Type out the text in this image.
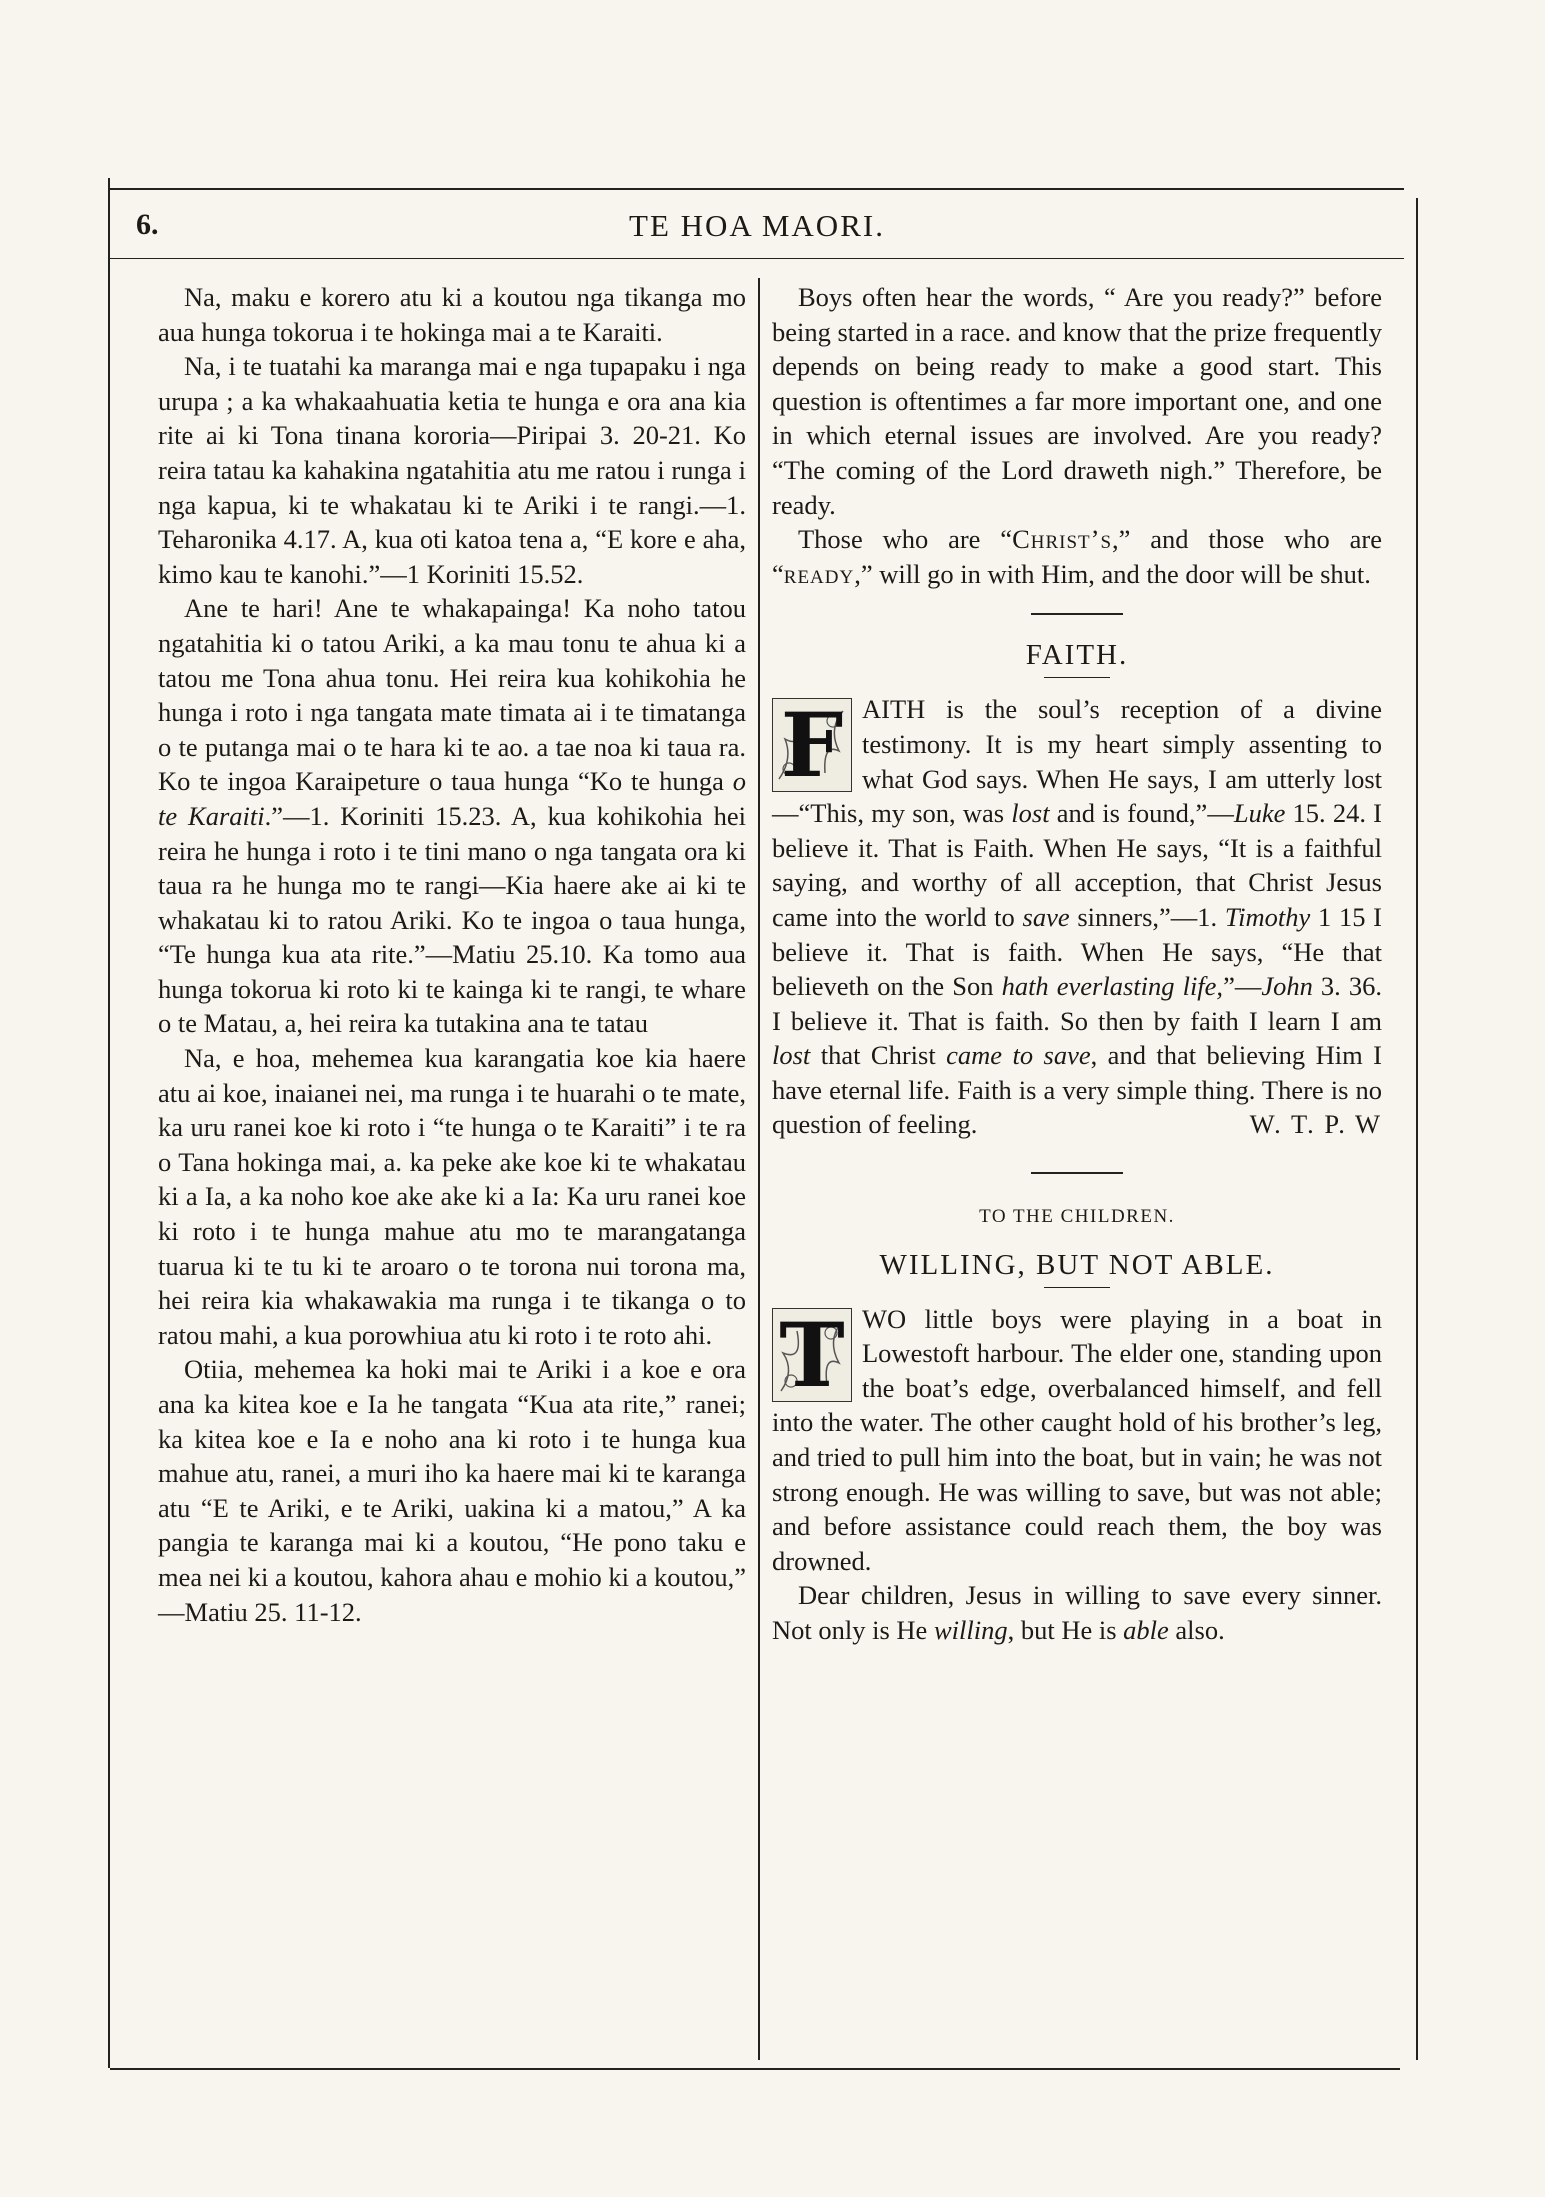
6.	TE HOA MAORI.

Na, maku e korero atu ki a koutou nga tikanga mo aua hunga tokorua i te hokinga mai a te Karaiti.

Na, i te tuatahi ka maranga mai e nga tupapaku i nga urupa ; a ka whakaahuatia ketia te hunga e ora ana kia rite ai ki Tona tinana kororia—Piripai 3. 20-21. Ko reira tatau ka kahakina ngatahitia atu me ratou i runga i nga kapua, ki te whakatau ki te Ariki i te rangi.—1. Teharonika 4.17. A, kua oti katoa tena a, “E kore e aha, kimo kau te kanohi.”—1 Koriniti 15.52.

Ane te hari! Ane te whakapainga! Ka noho tatou ngatahitia ki o tatou Ariki, a ka mau tonu te ahua ki a tatou me Tona ahua tonu. Hei reira kua kohikohia he hunga i roto i nga tangata mate timata ai i te timatanga o te putanga mai o te hara ki te ao. a tae noa ki taua ra. Ko te ingoa Karaipeture o taua hunga “Ko te hunga o te Karaiti.”—1. Koriniti 15.23. A, kua kohikohia hei reira he hunga i roto i te tini mano o nga tangata ora ki taua ra he hunga mo te rangi—Kia haere ake ai ki te whakatau ki to ratou Ariki. Ko te ingoa o taua hunga, “Te hunga kua ata rite.”—Matiu 25.10. Ka tomo aua hunga tokorua ki roto ki te kainga ki te rangi, te whare o te Matau, a, hei reira ka tutakina ana te tatau

Na, e hoa, mehemea kua karangatia koe kia haere atu ai koe, inaianei nei, ma runga i te huarahi o te mate, ka uru ranei koe ki roto i “te hunga o te Karaiti” i te ra o Tana hokinga mai, a. ka peke ake koe ki te whakatau ki a Ia, a ka noho koe ake ake ki a Ia: Ka uru ranei koe ki roto i te hunga mahue atu mo te marangatanga tuarua ki te tu ki te aroaro o te torona nui torona ma, hei reira kia whakawakia ma runga i te tikanga o to ratou mahi, a kua porowhiua atu ki roto i te roto ahi.

Otiia, mehemea ka hoki mai te Ariki i a koe e ora ana ka kitea koe e Ia he tangata “Kua ata rite,” ranei; ka kitea koe e Ia e noho ana ki roto i te hunga kua mahue atu, ranei, a muri iho ka haere mai ki te karanga atu “E te Ariki, e te Ariki, uakina ki a matou,” A ka pangia te karanga mai ki a koutou, “He pono taku e mea nei ki a koutou, kahora ahau e mohio ki a koutou,” —Matiu 25. 11-12.

Boys often hear the words, “ Are you ready?” before being started in a race. and know that the prize frequently depends on being ready to make a good start. This question is oftentimes a far more important one, and one in which eternal issues are involved. Are you ready? “The coming of the Lord draweth nigh.” Therefore, be ready.

Those who are “Christ’s,” and those who are “ready,” will go in with Him, and the door will be shut.

FAITH.
F AITH is the soul’s reception of a divine testimony. It is my heart simply assenting to what God says. When He says, I am utterly lost—“This, my son, was lost and is found,”—Luke 15. 24. I believe it. That is Faith. When He says, “It is a faithful saying, and worthy of all acception, that Christ Jesus came into the world to save sinners,”—1. Timothy 1 15 I believe it. That is faith. When He says, “He that believeth on the Son hath everlasting life,”—John 3. 36. I believe it. That is faith. So then by faith I learn I am lost that Christ came to save, and that believing Him I have eternal life. Faith is a very simple thing. There is no question of feeling.	W. T. P. W

TO THE CHILDREN.
WILLING, BUT NOT ABLE.
T WO little boys were playing in a boat in Lowestoft harbour. The elder one, standing upon the boat’s edge, overbalanced himself, and fell into the water. The other caught hold of his brother’s leg, and tried to pull him into the boat, but in vain; he was not strong enough. He was willing to save, but was not able; and before assistance could reach them, the boy was drowned.

Dear children, Jesus in willing to save every sinner. Not only is He willing, but He is able also.
